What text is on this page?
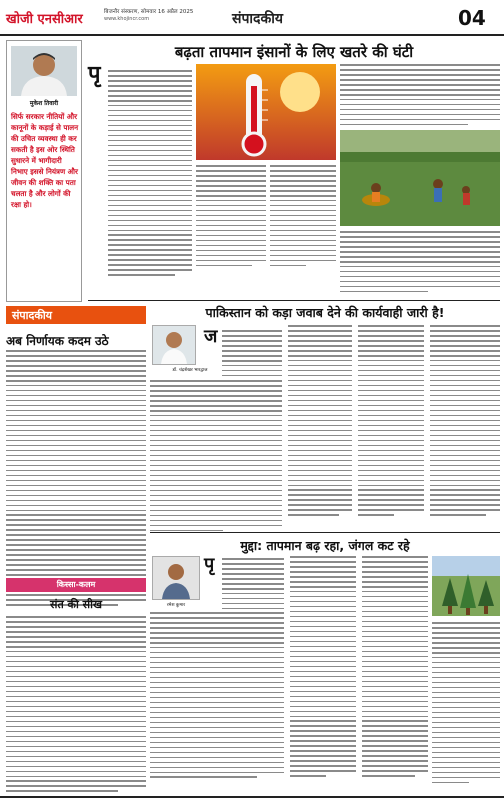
खोजी एनसीआर	बिजनौर संस्करण, सोमवार 16 अप्रैल 2025
www.khojincr.com	संपादकीय	04
मुकेश तिवारी
सिर्फ सरकार नीतियों और कानूनों के कड़ाई से पालन की उचित व्यवस्था ही कर सकती है इस ओर स्थिति सुधारने में भागीदारी निभाए इससे नियंत्रण और जीवन की शक्ति का पता चलता है और लोगों की रक्षा हो।
बढ़ता तापमान इंसानों के लिए खतरे की घंटी
पृ
पाकिस्तान को कड़ा जवाब देने की कार्यवाही जारी है!
संपादकीय
अब निर्णायक कदम उठे
डॉ. चंद्रशेखर भारद्वाज
ज
किस्सा-कलम
संत की सीख
मुद्दा: तापमान बढ़ रहा, जंगल कट रहे
रमेश कुमार
पृ
